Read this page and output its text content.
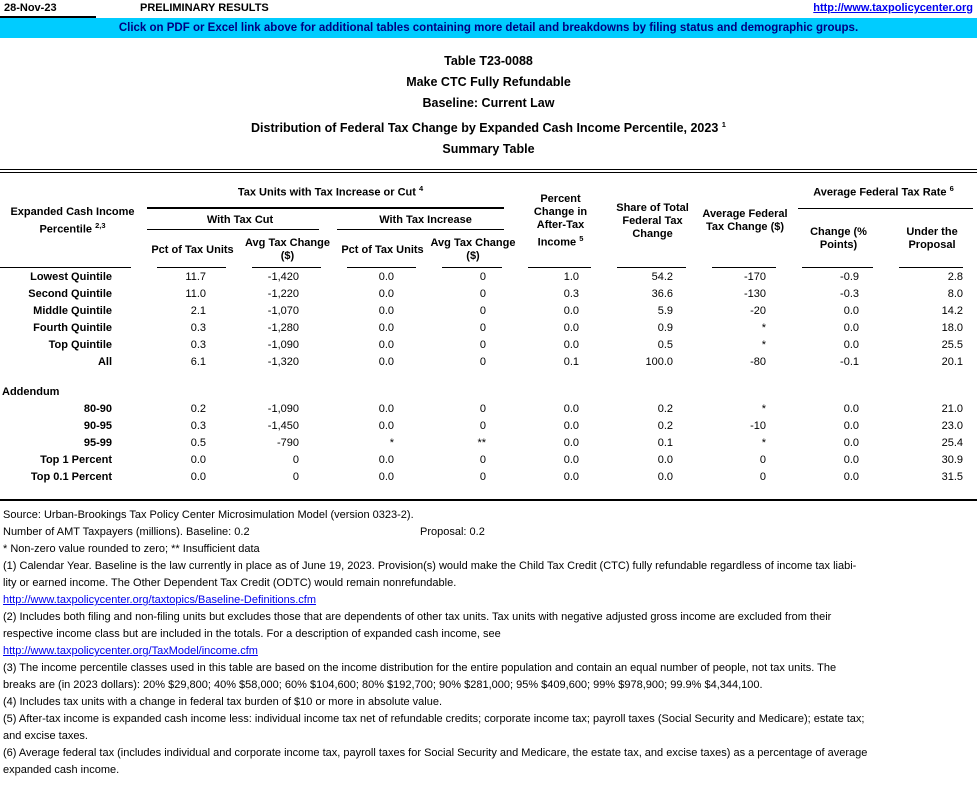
28-Nov-23	PRELIMINARY RESULTS	http://www.taxpolicycenter.org
Click on PDF or Excel link above for additional tables containing more detail and breakdowns by filing status and demographic groups.
Table T23-0088
Make CTC Fully Refundable
Baseline: Current Law
Distribution of Federal Tax Change by Expanded Cash Income Percentile, 2023 $^1$
Summary Table
Expanded Cash Income Percentile $^{2,3}$	Tax Units with Tax Increase or Cut $^4$				Percent Change in After-Tax Income $^5$	Share of Total Federal Tax Change	Average Federal Tax Change ($)	Average Federal Tax Rate $^6$

	With Tax Cut		With Tax Increase					Change (% Points)	Under the Proposal
	Pct of Tax Units	Avg Tax Change ($)	Pct of Tax Units	Avg Tax Change ($)					
Lowest Quintile	11.7	-1,420	0.0	0	1.0	54.2	-170	-0.9	2.8
Second Quintile	11.0	-1,220	0.0	0	0.3	36.6	-130	-0.3	8.0
Middle Quintile	2.1	-1,070	0.0	0	0.0	5.9	-20	0.0	14.2
Fourth Quintile	0.3	-1,280	0.0	0	0.0	0.9	*	0.0	18.0
Top Quintile	0.3	-1,090	0.0	0	0.0	0.5	*	0.0	25.5
All	6.1	-1,320	0.0	0	0.1	100.0	-80	-0.1	20.1

Addendum									
80-90	0.2	-1,090	0.0	0	0.0	0.2	*	0.0	21.0
90-95	0.3	-1,450	0.0	0	0.0	0.2	-10	0.0	23.0
95-99	0.5	-790	*	**	0.0	0.1	*	0.0	25.4
Top 1 Percent	0.0	0	0.0	0	0.0	0.0	0	0.0	30.9
Top 0.1 Percent	0.0	0	0.0	0	0.0	0.0	0	0.0	31.5

Source: Urban-Brookings Tax Policy Center Microsimulation Model (version 0323-2).
Number of AMT Taxpayers (millions). Baseline: 0.2	Proposal: 0.2
* Non-zero value rounded to zero; ** Insufficient data
(1) Calendar Year. Baseline is the law currently in place as of June 19, 2023. Provision(s) would make the Child Tax Credit (CTC) fully refundable regardless of income tax liabi-
lity or earned income. The Other Dependent Tax Credit (ODTC) would remain nonrefundable.
http://www.taxpolicycenter.org/taxtopics/Baseline-Definitions.cfm
(2) Includes both filing and non-filing units but excludes those that are dependents of other tax units. Tax units with negative adjusted gross income are excluded from their
respective income class but are included in the totals. For a description of expanded cash income, see
http://www.taxpolicycenter.org/TaxModel/income.cfm
(3) The income percentile classes used in this table are based on the income distribution for the entire population and contain an equal number of people, not tax units. The
breaks are (in 2023 dollars): 20% $29,800; 40% $58,000; 60% $104,600; 80% $192,700; 90% $281,000; 95% $409,600; 99% $978,900; 99.9% $4,344,100.
(4) Includes tax units with a change in federal tax burden of $10 or more in absolute value.
(5) After-tax income is expanded cash income less: individual income tax net of refundable credits; corporate income tax; payroll taxes (Social Security and Medicare); estate tax;
and excise taxes.
(6) Average federal tax (includes individual and corporate income tax, payroll taxes for Social Security and Medicare, the estate tax, and excise taxes) as a percentage of average
expanded cash income.
